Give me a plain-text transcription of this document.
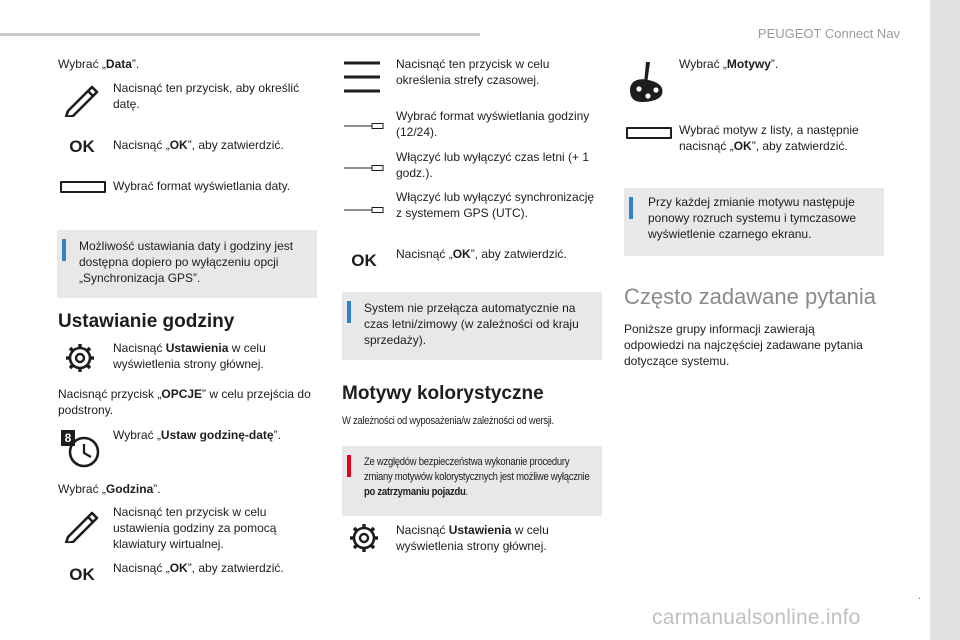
PEUGEOT Connect Nav
.
33
carmanualsonline.info
Wybrać „Data”.
Nacisnąć ten przycisk, aby określić datę.
OK	Nacisnąć „OK”, aby zatwierdzić.
Wybrać format wyświetlania daty.
Możliwość ustawiania daty i godziny jest dostępna dopiero po wyłączeniu opcji „Synchronizacja GPS”.
Ustawianie godziny
Nacisnąć Ustawienia w celu wyświetlenia strony głównej.
Nacisnąć przycisk „OPCJE” w celu przejścia do podstrony.
8	Wybrać „Ustaw godzinę-datę”.
Wybrać „Godzina”.
Nacisnąć ten przycisk w celu ustawienia godziny za pomocą klawiatury wirtualnej.
OK	Nacisnąć „OK”, aby zatwierdzić.
Nacisnąć ten przycisk w celu określenia strefy czasowej.
Wybrać format wyświetlania godziny (12/24).
Włączyć lub wyłączyć czas letni (+ 1 godz.).
Włączyć lub wyłączyć synchronizację z systemem GPS (UTC).
OK	Nacisnąć „OK”, aby zatwierdzić.
System nie przełącza automatycznie na czas letni/zimowy (w zależności od kraju sprzedaży).
Motywy kolorystyczne
W zależności od wyposażenia/w zależności od wersji.
Ze względów bezpieczeństwa wykonanie procedury zmiany motywów kolorystycznych jest możliwe wyłącznie po zatrzymaniu pojazdu.
Nacisnąć Ustawienia w celu wyświetlenia strony głównej.
Wybrać „Motywy”.
Wybrać motyw z listy, a następnie nacisnąć „OK”, aby zatwierdzić.
Przy każdej zmianie motywu następuje ponowy rozruch systemu i tymczasowe wyświetlenie czarnego ekranu.
Często zadawane pytania
Poniższe grupy informacji zawierają odpowiedzi na najczęściej zadawane pytania dotyczące systemu.
